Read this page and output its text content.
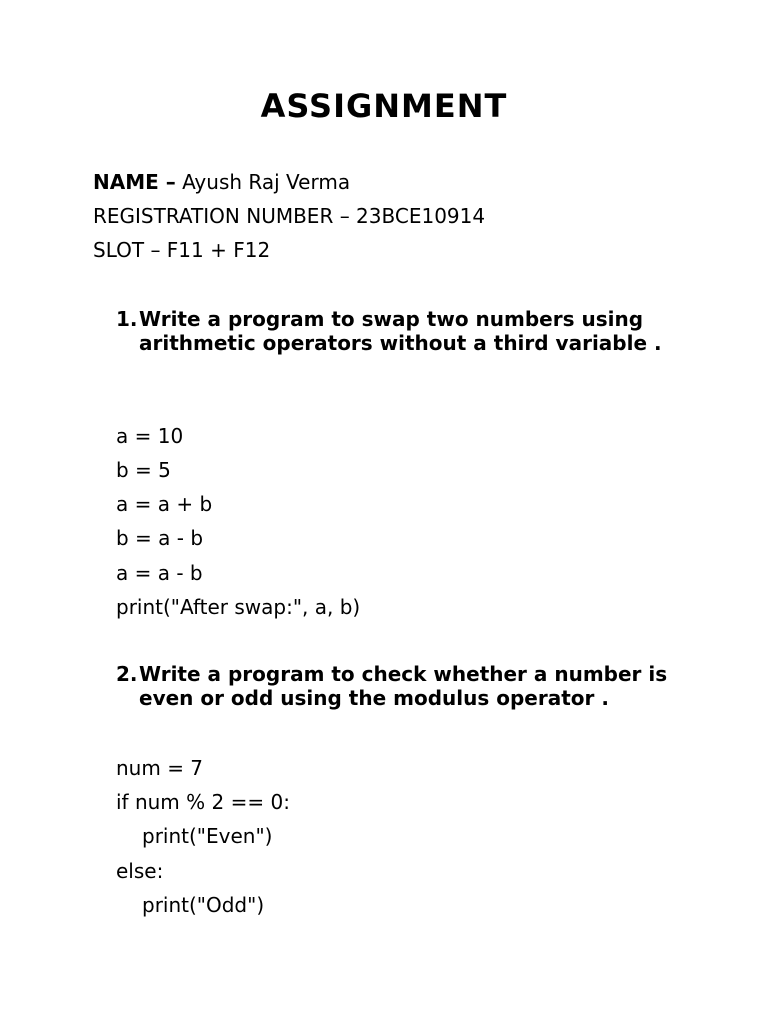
ASSIGNMENT
NAME – Ayush Raj Verma
REGISTRATION NUMBER – 23BCE10914
SLOT – F11 + F12
1. Write a program to swap two numbers using arithmetic operators without a third variable .
a = 10
b = 5
a = a + b
b = a - b
a = a - b
print("After swap:", a, b)
2. Write a program to check whether a number is even or odd using the modulus operator .
num = 7
if num % 2 == 0:
print("Even")
else:
print("Odd")
